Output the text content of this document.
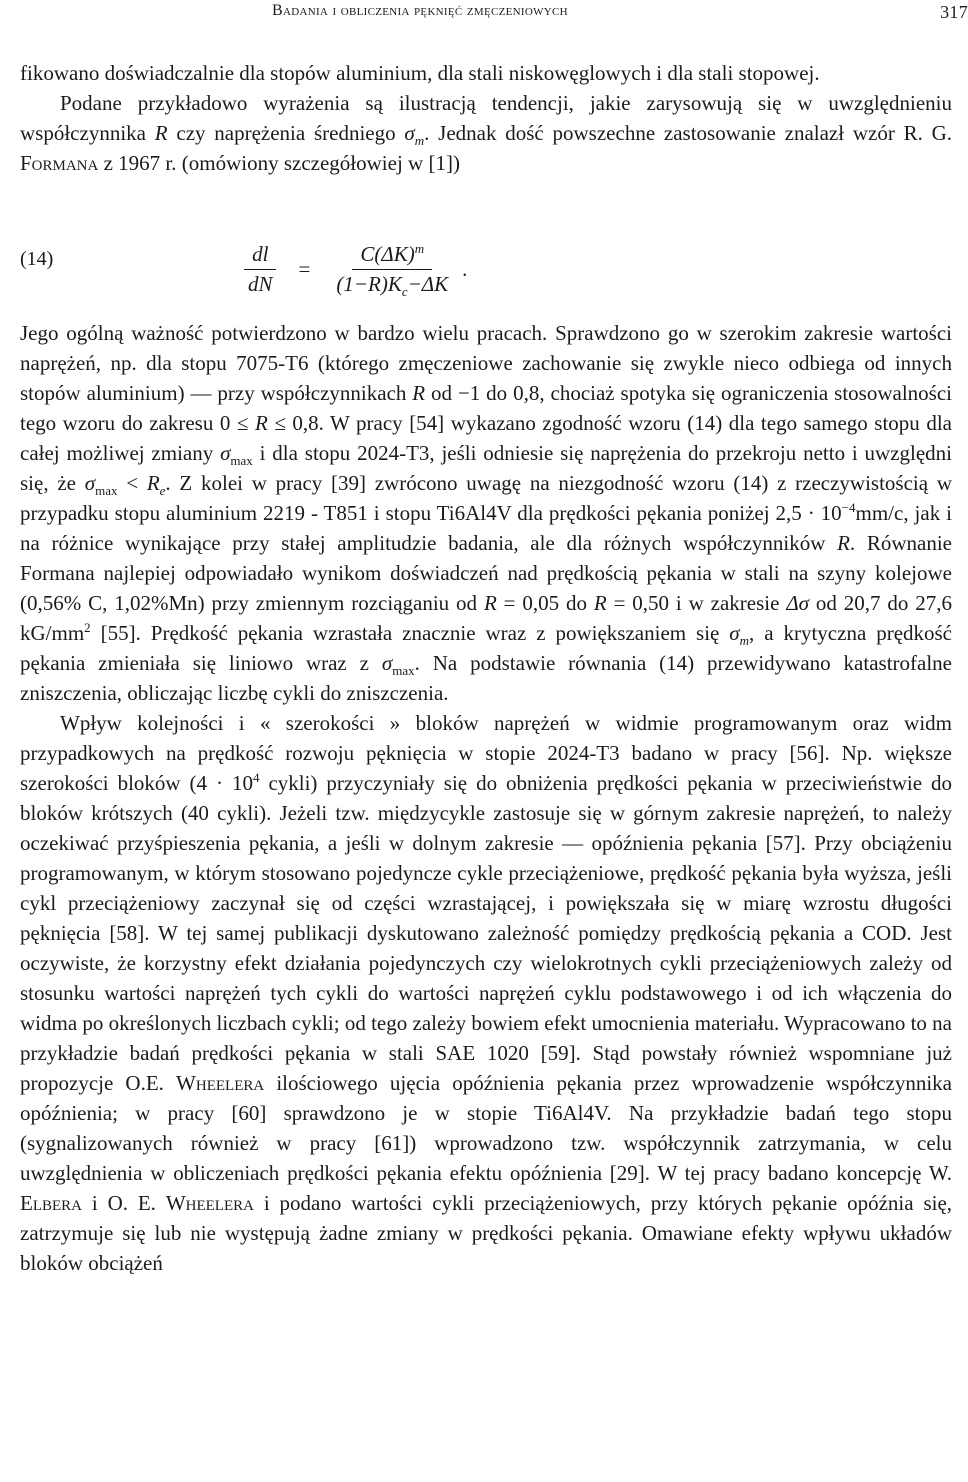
Badania i obliczenia pęknięć zmęczeniowych	317

fikowano doświadczalnie dla stopów aluminium, dla stali niskowęglowych i dla stali stopowej.

Podane przykładowo wyrażenia są ilustracją tendencji, jakie zarysowują się w uwzględnieniu współczynnika R czy naprężenia średniego $\sigma_m$. Jednak dość powszechne zastosowanie znalazł wzór R. G. Formana z 1967 r. (omówiony szczegółowiej w [1])

(14)	$\frac{dl}{dN} = \frac{C(\Delta K)^m}{(1-R)K_c-\Delta K}$ .

Jego ogólną ważność potwierdzono w bardzo wielu pracach. Sprawdzono go w szerokim zakresie wartości naprężeń, np. dla stopu 7075-T6 (którego zmęczeniowe zachowanie się zwykle nieco odbiega od innych stopów aluminium) — przy współczynnikach R od −1 do 0,8, chociaż spotyka się ograniczenia stosowalności tego wzoru do zakresu 0 ≤ R ≤ 0,8. W pracy [54] wykazano zgodność wzoru (14) dla tego samego stopu dla całej możliwej zmiany $\sigma_{max}$ i dla stopu 2024-T3, jeśli odniesie się naprężenia do przekroju netto i uwzględni się, że $\sigma_{max} < R_e$. Z kolei w pracy [39] zwrócono uwagę na niezgodność wzoru (14) z rzeczywistością w przypadku stopu aluminium 2219 - T851 i stopu Ti6Al4V dla prędkości pękania poniżej $2,5 \cdot 10^{-4}mm/c$, jak i na różnice wynikające przy stałej amplitudzie badania, ale dla różnych współczynników R. Równanie Formana najlepiej odpowiadało wynikom doświadczeń nad prędkością pękania w stali na szyny kolejowe (0,56% C, 1,02%Mn) przy zmiennym rozciąganiu od R = 0,05 do R = 0,50 i w zakresie Δσ od 20,7 do 27,6 $kG/mm^2$ [55]. Prędkość pękania wzrastała znacznie wraz z powiększaniem się $\sigma_m$, a krytyczna prędkość pękania zmieniała się liniowo wraz z $\sigma_{max}$. Na podstawie równania (14) przewidywano katastrofalne zniszczenia, obliczając liczbę cykli do zniszczenia.

Wpływ kolejności i « szerokości » bloków naprężeń w widmie programowanym oraz widm przypadkowych na prędkość rozwoju pęknięcia w stopie 2024-T3 badano w pracy [56]. Np. większe szerokości bloków ($4 \cdot 10^4$ cykli) przyczyniały się do obniżenia prędkości pękania w przeciwieństwie do bloków krótszych (40 cykli). Jeżeli tzw. międzycykle zastosuje się w górnym zakresie naprężeń, to należy oczekiwać przyśpieszenia pękania, a jeśli w dolnym zakresie — opóźnienia pękania [57]. Przy obciążeniu programowanym, w którym stosowano pojedyncze cykle przeciążeniowe, prędkość pękania była wyższa, jeśli cykl przeciążeniowy zaczynał się od części wzrastającej, i powiększała się w miarę wzrostu długości pęknięcia [58]. W tej samej publikacji dyskutowano zależność pomiędzy prędkością pękania a COD. Jest oczywiste, że korzystny efekt działania pojedynczych czy wielokrotnych cykli przeciążeniowych zależy od stosunku wartości naprężeń tych cykli do wartości naprężeń cyklu podstawowego i od ich włączenia do widma po określonych liczbach cykli; od tego zależy bowiem efekt umocnienia materiału. Wypracowano to na przykładzie badań prędkości pękania w stali SAE 1020 [59]. Stąd powstały również wspomniane już propozycje O.E. Wheelera ilościowego ujęcia opóźnienia pękania przez wprowadzenie współczynnika opóźnienia; w pracy [60] sprawdzono je w stopie Ti6Al4V. Na przykładzie badań tego stopu (sygnalizowanych również w pracy [61]) wprowadzono tzw. współczynnik zatrzymania, w celu uwzględnienia w obliczeniach prędkości pękania efektu opóźnienia [29]. W tej pracy badano koncepcję W. Elbera i O. E. Wheelera i podano wartości cykli przeciążeniowych, przy których pękanie opóźnia się, zatrzymuje się lub nie występują żadne zmiany w prędkości pękania. Omawiane efekty wpływu układów bloków obciążeń
